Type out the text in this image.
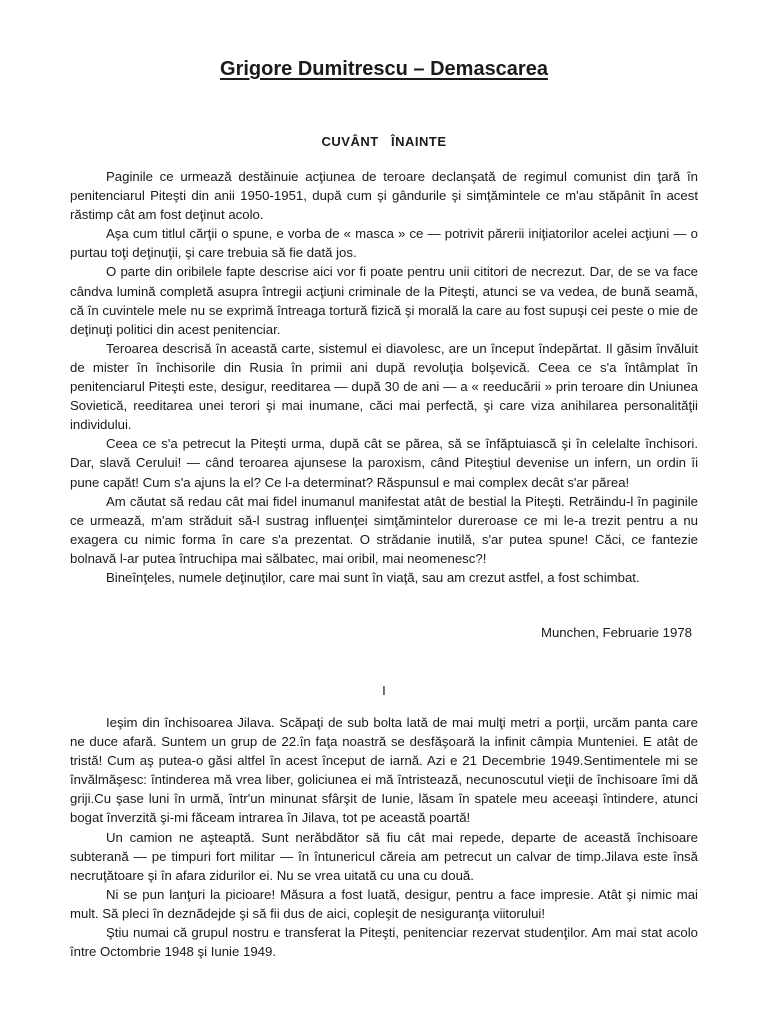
Grigore Dumitrescu – Demascarea
CUVÂNT   ÎNAINTE

Paginile ce urmează destăinuie acţiunea de teroare declanşată de regimul comunist din ţară în penitenciarul Piteşti din anii 1950-1951, după cum şi gândurile şi simţămintele ce m'au stăpânit în acest răstimp cât am fost deţinut acolo.

Aşa cum titlul cărţii o spune, e vorba de « masca » ce — potrivit părerii iniţiatorilor acelei acţiuni — o purtau toţi deţinuţii, şi care trebuia să fie dată jos.

O parte din oribilele fapte descrise aici vor fi poate pentru unii cititori de necrezut. Dar, de se va face cândva lumină completă asupra întregii acţiuni criminale de la Piteşti, atunci se va vedea, de bună seamă, că în cuvintele mele nu se exprimă întreaga tortură fizică şi morală la care au fost supuşi cei peste o mie de deţinuţi politici din acest penitenciar.

Teroarea descrisă în această carte, sistemul ei diavolesc, are un început îndepărtat. Il găsim învăluit de mister în închisorile din Rusia în primii ani după revoluţia bolşevică. Ceea ce s'a întâmplat în penitenciarul Piteşti este, desigur, reeditarea — după 30 de ani — a « reeducării » prin teroare din Uniunea Sovietică, reeditarea unei terori şi mai inumane, căci mai perfectă, şi care viza anihilarea personalităţii individului.

Ceea ce s'a petrecut la Piteşti urma, după cât se părea, să se înfăptuiască şi în celelalte închisori. Dar, slavă Cerului! — când teroarea ajunsese la paroxism, când Piteştiul devenise un infern, un ordin îi pune capăt! Cum s'a ajuns la el? Ce l-a determinat? Răspunsul e mai complex decât s'ar părea!

Am căutat să redau cât mai fidel inumanul manifestat atât de bestial la Piteşti. Retrăindu-l în paginile ce urmează, m'am străduit să-l sustrag influenţei simţămintelor dureroase ce mi le-a trezit pentru a nu exagera cu nimic forma în care s'a prezentat. O strădanie inutilă, s'ar putea spune! Căci, ce fantezie bolnavă l-ar putea întruchipa mai sălbatec, mai oribil, mai neomenesc?!

Bineînţeles, numele deţinuţilor, care mai sunt în viaţă, sau am crezut astfel, a fost schimbat.

Munchen, Februarie 1978

I

Ieşim din închisoarea Jilava. Scăpaţi de sub bolta lată de mai mulţi metri a porţii, urcăm panta care ne duce afară. Suntem un grup de 22.în faţa noastră se desfăşoară la infinit câmpia Munteniei. E atât de tristă! Cum aş putea-o găsi altfel în acest început de iarnă. Azi e 21 Decembrie 1949.Sentimentele mi se învălmăşesc: întinderea mă vrea liber, goliciunea ei mă întristează, necunoscutul vieţii de închisoare îmi dă griji.Cu şase luni în urmă, într'un minunat sfârşit de Iunie, lăsam în spatele meu aceeaşi întindere, atunci bogat înverzită şi-mi făceam intrarea în Jilava, tot pe această poartă!

Un camion ne aşteaptă. Sunt nerăbdător să fiu cât mai repede, departe de această închisoare subterană — pe timpuri fort militar — în întunericul căreia am petrecut un calvar de timp.Jilava este însă necruţătoare şi în afara zidurilor ei. Nu se vrea uitată cu una cu două.

Ni se pun lanţuri la picioare! Măsura a fost luată, desigur, pentru a face impresie. Atât şi nimic mai mult. Să pleci în deznădejde şi să fii dus de aici, copleşit de nesiguranţa viitorului!

Ştiu numai că grupul nostru e transferat la Piteşti, penitenciar rezervat studenţilor. Am mai stat acolo între Octombrie 1948 şi Iunie 1949.
